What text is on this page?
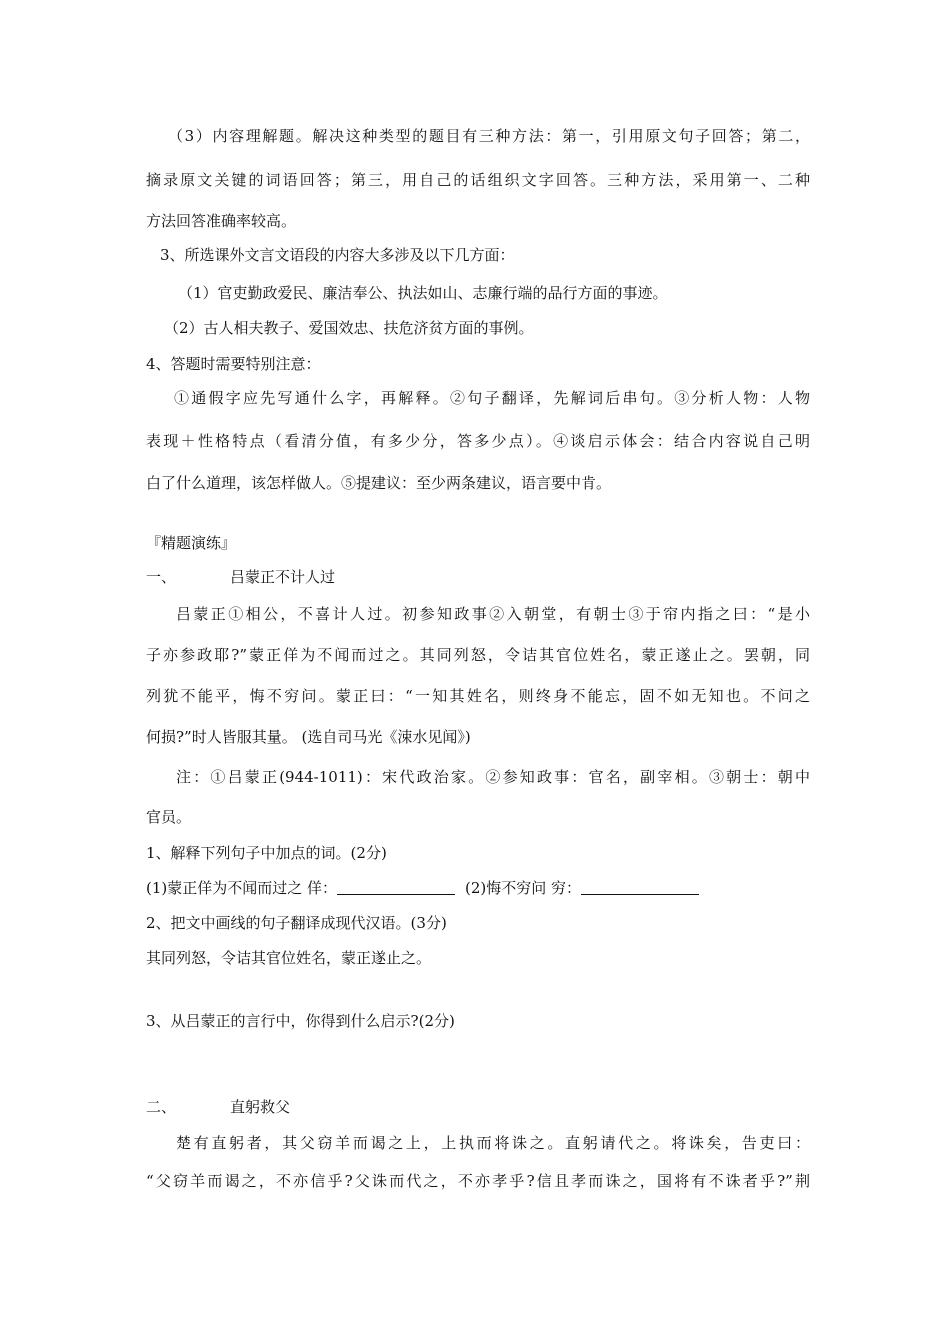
（3）内容理解题。解决这种类型的题目有三种方法：第一，引用原文句子回答；第二，
摘录原文关键的词语回答；第三，用自己的话组织文字回答。三种方法，采用第一、二种
方法回答准确率较高。
3、所选课外文言文语段的内容大多涉及以下几方面：
（1）官吏勤政爱民、廉洁奉公、执法如山、志廉行端的品行方面的事迹。
（2）古人相夫教子、爱国效忠、扶危济贫方面的事例。
4、答题时需要特别注意：
①通假字应先写通什么字，再解释。②句子翻译，先解词后串句。③分析人物：人物
表现＋性格特点（看清分值，有多少分，答多少点）。④谈启示体会：结合内容说自己明
白了什么道理，该怎样做人。⑤提建议：至少两条建议，语言要中肯。
『精题演练』
一、	吕蒙正不计人过
吕蒙正①相公，不喜计人过。初参知政事②入朝堂，有朝士③于帘内指之曰：“是小
子亦参政耶?”蒙正佯为不闻而过之。其同列怒，令诘其官位姓名，蒙正遂止之。罢朝，同
列犹不能平，悔不穷问。蒙正曰：“一知其姓名，则终身不能忘，固不如无知也。不问之
何损?”时人皆服其量。 (选自司马光《涑水见闻》)
注：①吕蒙正(944-1011)：宋代政治家。②参知政事：官名，副宰相。③朝士：朝中
官员。
1、解释下列句子中加点的词。(2分)
(1)蒙正佯为不闻而过之 佯：	(2)悔不穷问 穷：
2、把文中画线的句子翻译成现代汉语。(3分)
其同列怒，令诘其官位姓名，蒙正遂止之。
3、从吕蒙正的言行中，你得到什么启示?(2分)
二、	直躬救父
楚有直躬者，其父窃羊而谒之上，上执而将诛之。直躬请代之。将诛矣，告吏曰：
“父窃羊而谒之，不亦信乎?父诛而代之，不亦孝乎?信且孝而诛之，国将有不诛者乎?”荆
